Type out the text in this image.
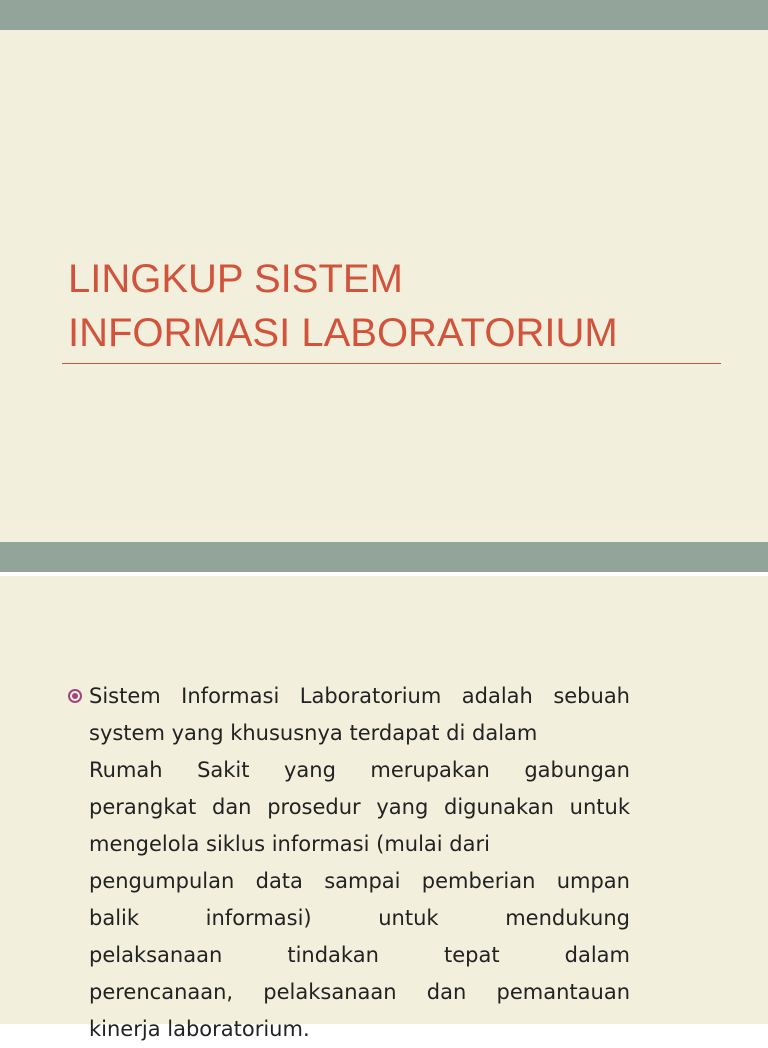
LINGKUP SISTEM
INFORMASI LABORATORIUM
Sistem Informasi Laboratorium adalah sebuah
system yang khususnya terdapat di dalam
Rumah Sakit yang merupakan gabungan
perangkat dan prosedur yang digunakan untuk
mengelola siklus informasi (mulai dari
pengumpulan data sampai pemberian umpan
balik informasi) untuk mendukung
pelaksanaan tindakan tepat dalam
perencanaan, pelaksanaan dan pemantauan
kinerja laboratorium.
